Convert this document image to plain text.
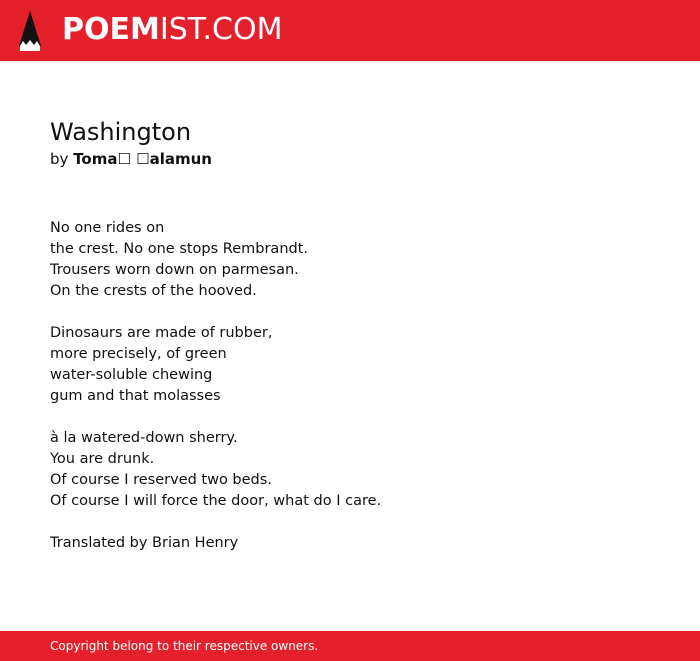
POEMIST.COM
Washington
by Toma☐ ☐alamun
No one rides on
the crest. No one stops Rembrandt.
Trousers worn down on parmesan.
On the crests of the hooved.
Dinosaurs are made of rubber,
more precisely, of green
water-soluble chewing
gum and that molasses
à la watered-down sherry.
You are drunk.
Of course I reserved two beds.
Of course I will force the door, what do I care.
Translated by Brian Henry
Copyright belong to their respective owners.
